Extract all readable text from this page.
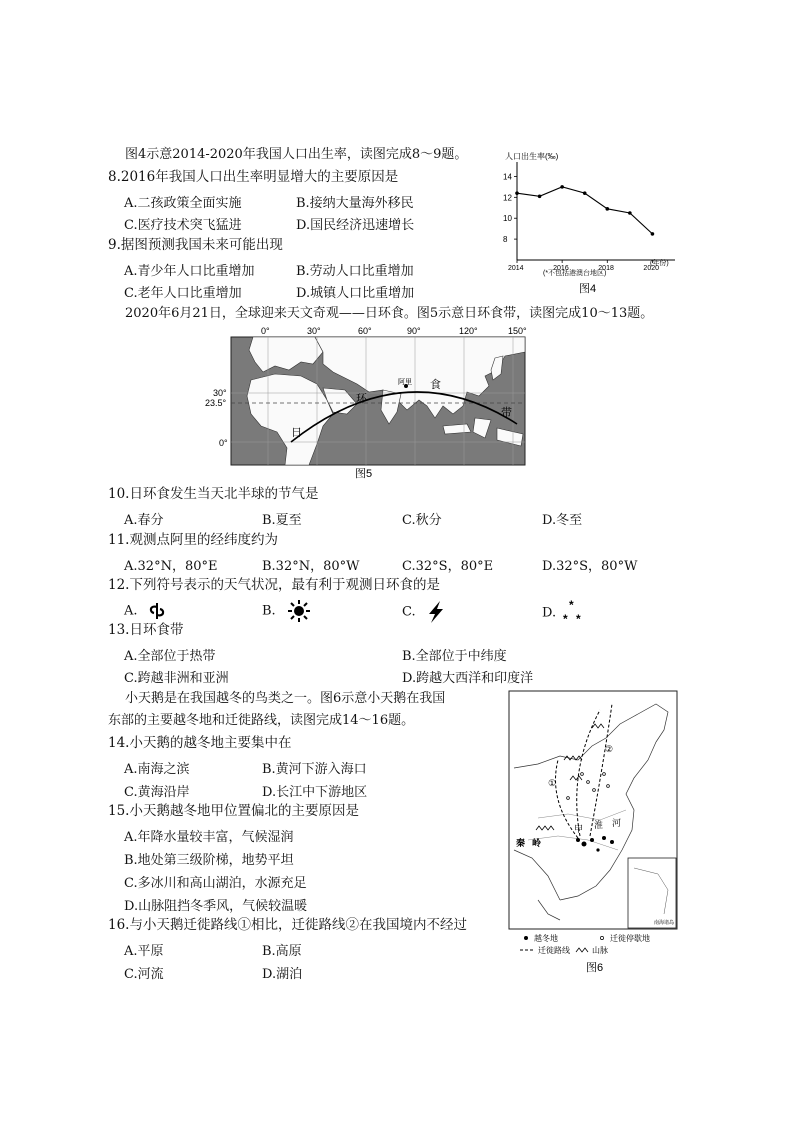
图4示意2014-2020年我国人口出生率，读图完成8～9题。
8.2016年我国人口出生率明显增大的主要原因是
A.二孩政策全面实施	B.接纳大量海外移民
C.医疗技术突飞猛进	D.国民经济迅速增长
9.据图预测我国未来可能出现
A.青少年人口比重增加	B.劳动人口比重增加
C.老年人口比重增加	D.城镇人口比重增加
人口出生率(‰)
14
12
10
8
2014	2016	2018	2020
(年份)
(*不包括港澳台地区)
图4
2020年6月21日，全球迎来天文奇观——日环食。图5示意日环食带，读图完成10～13题。
0°	30°	60°	90°	120°	150°
30°
23.5°
0°
阿里
日
环
食
带
图5
10.日环食发生当天北半球的节气是
A.春分	B.夏至	C.秋分	D.冬至
11.观测点阿里的经纬度约为
A.32°N，80°E	B.32°N，80°W	C.32°S，80°E	D.32°S，80°W
12.下列符号表示的天气状况，最有利于观测日环食的是
A.	B.	C.	D.
*
* *
13.日环食带
A.全部位于热带	B.全部位于中纬度
C.跨越非洲和亚洲	D.跨越大西洋和印度洋
小天鹅是在我国越冬的鸟类之一。图6示意小天鹅在我国
东部的主要越冬地和迁徙路线，读图完成14～16题。
14.小天鹅的越冬地主要集中在
A.南海之滨	B.黄河下游入海口
C.黄海沿岸	D.长江中下游地区
15.小天鹅越冬地甲位置偏北的主要原因是
A.年降水量较丰富，气候湿润
B.地处第三级阶梯，地势平坦
C.多冰川和高山湖泊，水源充足
D.山脉阻挡冬季风，气候较温暖
16.与小天鹅迁徙路线①相比，迁徙路线②在我国境内不经过
A.平原	B.高原
C.河流	D.湖泊
①
②
秦 岭
甲 淮 河
南海诸岛
越冬地	迁徙停歇地
迁徙路线	山脉
图6
